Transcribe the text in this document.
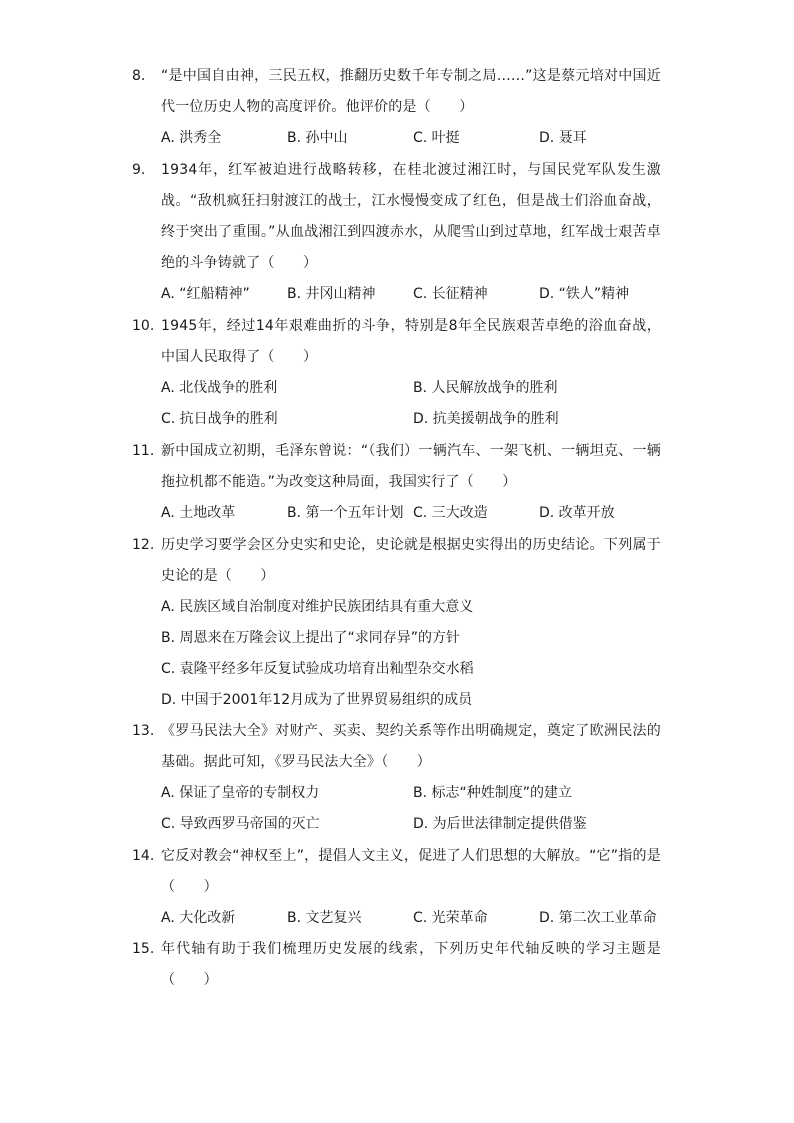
8. “是中国自由神，三民五权，推翻历史数千年专制之局……”这是蔡元培对中国近代一位历史人物的高度评价。他评价的是（　　）
A. 洪秀全	B. 孙中山	C. 叶挺	D. 聂耳
9. 1934年，红军被迫进行战略转移，在桂北渡过湘江时，与国民党军队发生激战。“敌机疯狂扫射渡江的战士，江水慢慢变成了红色，但是战士们浴血奋战，终于突出了重围。”从血战湘江到四渡赤水，从爬雪山到过草地，红军战士艰苦卓绝的斗争铸就了（　　）
A. “红船精神”	B. 井冈山精神	C. 长征精神	D. “铁人”精神
10. 1945年，经过14年艰难曲折的斗争，特别是8年全民族艰苦卓绝的浴血奋战，中国人民取得了（　　）
A. 北伐战争的胜利	B. 人民解放战争的胜利
C. 抗日战争的胜利	D. 抗美援朝战争的胜利
11. 新中国成立初期，毛泽东曾说：“（我们）一辆汽车、一架飞机、一辆坦克、一辆拖拉机都不能造。”为改变这种局面，我国实行了（　　）
A. 土地改革	B. 第一个五年计划 C. 三大改造	D. 改革开放
12. 历史学习要学会区分史实和史论，史论就是根据史实得出的历史结论。下列属于史论的是（　　）
A. 民族区域自治制度对维护民族团结具有重大意义
B. 周恩来在万隆会议上提出了“求同存异”的方针
C. 袁隆平经多年反复试验成功培育出籼型杂交水稻
D. 中国于2001年12月成为了世界贸易组织的成员
13. 《罗马民法大全》对财产、买卖、契约关系等作出明确规定，奠定了欧洲民法的基础。据此可知，《罗马民法大全》（　　）
A. 保证了皇帝的专制权力	B. 标志“种姓制度”的建立
C. 导致西罗马帝国的灭亡	D. 为后世法律制定提供借鉴
14. 它反对教会“神权至上”，提倡人文主义，促进了人们思想的大解放。“它”指的是（　　）
A. 大化改新	B. 文艺复兴	C. 光荣革命	D. 第二次工业革命
15. 年代轴有助于我们梳理历史发展的线索，下列历史年代轴反映的学习主题是（　　）
